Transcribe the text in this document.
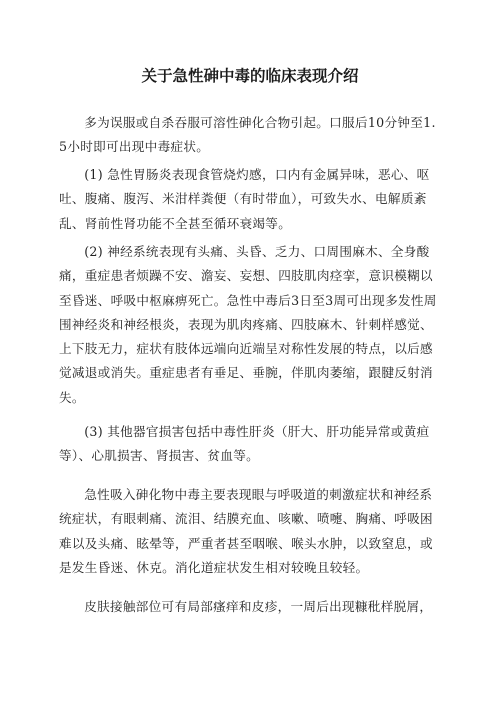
关于急性砷中毒的临床表现介绍

多为误服或自杀吞服可溶性砷化合物引起。口服后10分钟至1.5小时即可出现中毒症状。

(1) 急性胃肠炎表现食管烧灼感，口内有金属异味，恶心、呕吐、腹痛、腹泻、米泔样粪便（有时带血），可致失水、电解质紊乱、肾前性肾功能不全甚至循环衰竭等。

(2) 神经系统表现有头痛、头昏、乏力、口周围麻木、全身酸痛，重症患者烦躁不安、澹妄、妄想、四肢肌肉痉挛，意识模糊以至昏迷、呼吸中枢麻痹死亡。急性中毒后3日至3周可出现多发性周围神经炎和神经根炎，表现为肌肉疼痛、四肢麻木、针刺样感觉、上下肢无力，症状有肢体远端向近端呈对称性发展的特点，以后感觉减退或消失。重症患者有垂足、垂腕，伴肌肉萎缩，跟腱反射消失。

(3) 其他器官损害包括中毒性肝炎（肝大、肝功能异常或黄疸等）、心肌损害、肾损害、贫血等。

急性吸入砷化物中毒主要表现眼与呼吸道的刺激症状和神经系统症状，有眼刺痛、流泪、结膜充血、咳嗽、喷嚏、胸痛、呼吸困难以及头痛、眩晕等，严重者甚至咽喉、喉头水肿，以致窒息，或是发生昏迷、休克。消化道症状发生相对较晚且较轻。

皮肤接触部位可有局部瘙痒和皮疹，一周后出现糠秕样脱屑，
